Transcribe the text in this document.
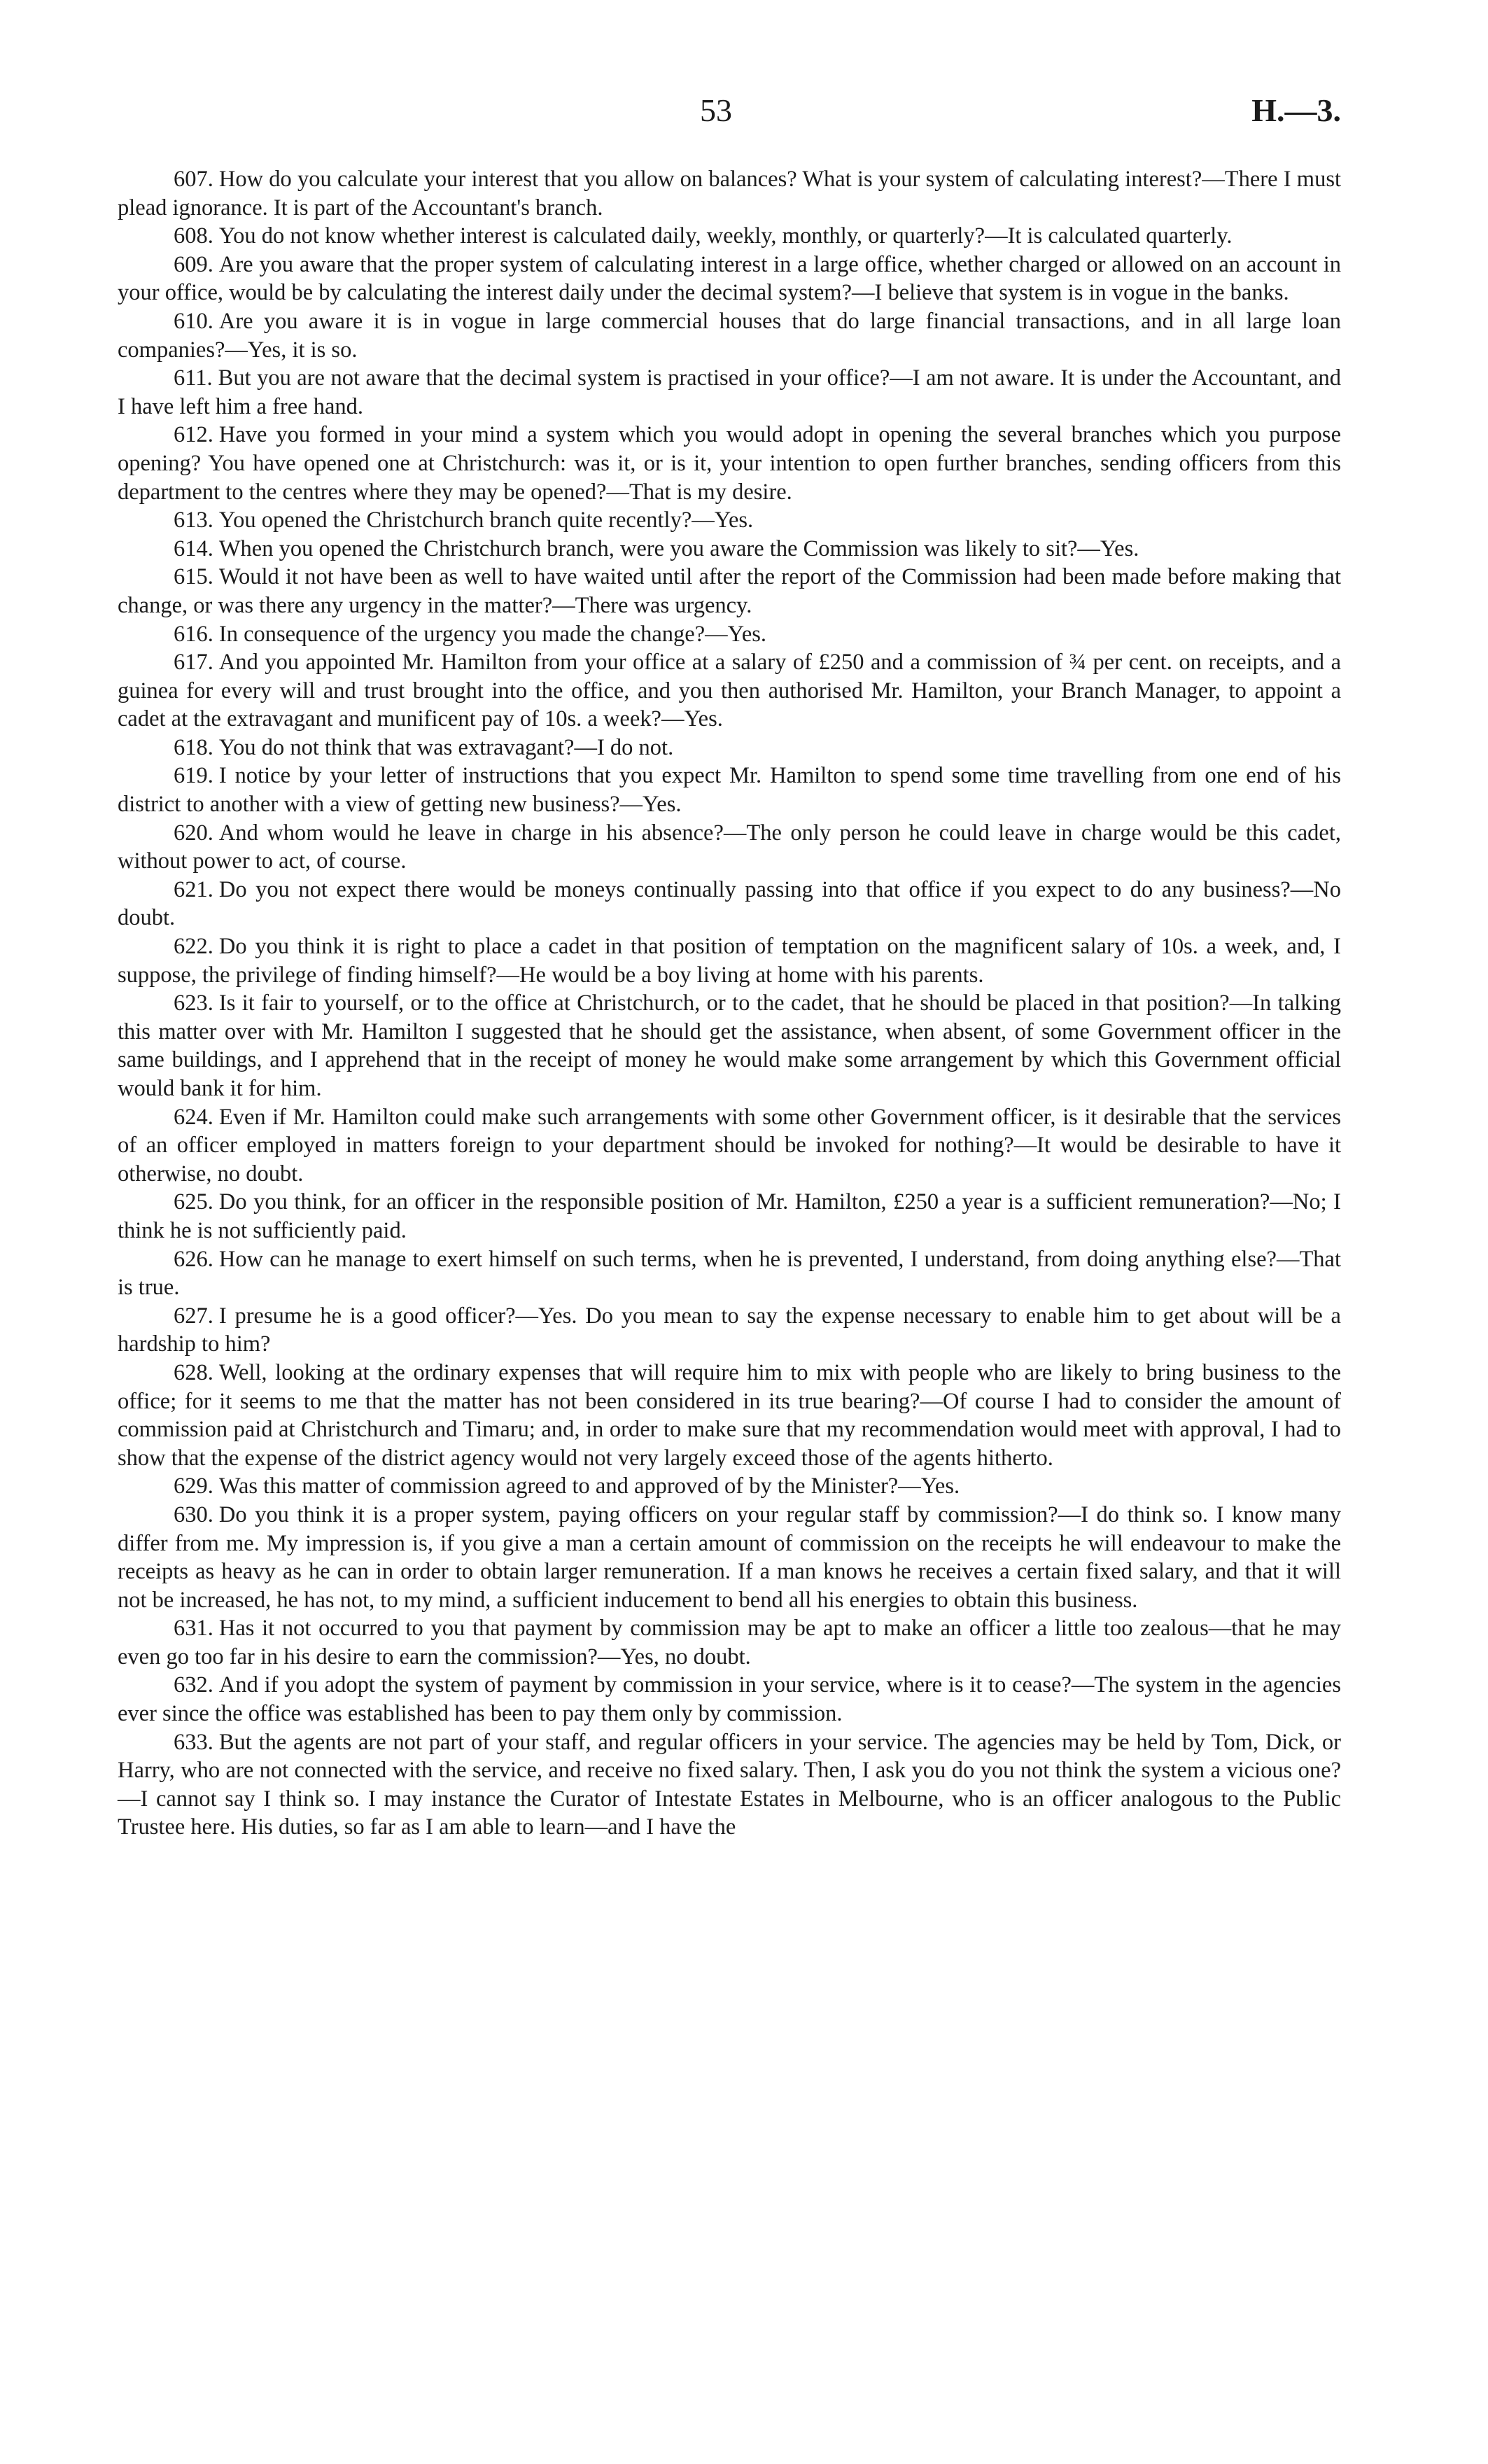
53	H.—3.

607. How do you calculate your interest that you allow on balances? What is your system of calculating interest?—There I must plead ignorance. It is part of the Accountant's branch.

608. You do not know whether interest is calculated daily, weekly, monthly, or quarterly?—It is calculated quarterly.

609. Are you aware that the proper system of calculating interest in a large office, whether charged or allowed on an account in your office, would be by calculating the interest daily under the decimal system?—I believe that system is in vogue in the banks.

610. Are you aware it is in vogue in large commercial houses that do large financial transactions, and in all large loan companies?—Yes, it is so.

611. But you are not aware that the decimal system is practised in your office?—I am not aware. It is under the Accountant, and I have left him a free hand.

612. Have you formed in your mind a system which you would adopt in opening the several branches which you purpose opening? You have opened one at Christchurch: was it, or is it, your intention to open further branches, sending officers from this department to the centres where they may be opened?—That is my desire.

613. You opened the Christchurch branch quite recently?—Yes.

614. When you opened the Christchurch branch, were you aware the Commission was likely to sit?—Yes.

615. Would it not have been as well to have waited until after the report of the Commission had been made before making that change, or was there any urgency in the matter?—There was urgency.

616. In consequence of the urgency you made the change?—Yes.

617. And you appointed Mr. Hamilton from your office at a salary of £250 and a commission of ¾ per cent. on receipts, and a guinea for every will and trust brought into the office, and you then authorised Mr. Hamilton, your Branch Manager, to appoint a cadet at the extravagant and munificent pay of 10s. a week?—Yes.

618. You do not think that was extravagant?—I do not.

619. I notice by your letter of instructions that you expect Mr. Hamilton to spend some time travelling from one end of his district to another with a view of getting new business?—Yes.

620. And whom would he leave in charge in his absence?—The only person he could leave in charge would be this cadet, without power to act, of course.

621. Do you not expect there would be moneys continually passing into that office if you expect to do any business?—No doubt.

622. Do you think it is right to place a cadet in that position of temptation on the magnificent salary of 10s. a week, and, I suppose, the privilege of finding himself?—He would be a boy living at home with his parents.

623. Is it fair to yourself, or to the office at Christchurch, or to the cadet, that he should be placed in that position?—In talking this matter over with Mr. Hamilton I suggested that he should get the assistance, when absent, of some Government officer in the same buildings, and I apprehend that in the receipt of money he would make some arrangement by which this Government official would bank it for him.

624. Even if Mr. Hamilton could make such arrangements with some other Government officer, is it desirable that the services of an officer employed in matters foreign to your department should be invoked for nothing?—It would be desirable to have it otherwise, no doubt.

625. Do you think, for an officer in the responsible position of Mr. Hamilton, £250 a year is a sufficient remuneration?—No; I think he is not sufficiently paid.

626. How can he manage to exert himself on such terms, when he is prevented, I understand, from doing anything else?—That is true.

627. I presume he is a good officer?—Yes. Do you mean to say the expense necessary to enable him to get about will be a hardship to him?

628. Well, looking at the ordinary expenses that will require him to mix with people who are likely to bring business to the office; for it seems to me that the matter has not been considered in its true bearing?—Of course I had to consider the amount of commission paid at Christchurch and Timaru; and, in order to make sure that my recommendation would meet with approval, I had to show that the expense of the district agency would not very largely exceed those of the agents hitherto.

629. Was this matter of commission agreed to and approved of by the Minister?—Yes.

630. Do you think it is a proper system, paying officers on your regular staff by commission?—I do think so. I know many differ from me. My impression is, if you give a man a certain amount of commission on the receipts he will endeavour to make the receipts as heavy as he can in order to obtain larger remuneration. If a man knows he receives a certain fixed salary, and that it will not be increased, he has not, to my mind, a sufficient inducement to bend all his energies to obtain this business.

631. Has it not occurred to you that payment by commission may be apt to make an officer a little too zealous—that he may even go too far in his desire to earn the commission?—Yes, no doubt.

632. And if you adopt the system of payment by commission in your service, where is it to cease?—The system in the agencies ever since the office was established has been to pay them only by commission.

633. But the agents are not part of your staff, and regular officers in your service. The agencies may be held by Tom, Dick, or Harry, who are not connected with the service, and receive no fixed salary. Then, I ask you do you not think the system a vicious one?—I cannot say I think so. I may instance the Curator of Intestate Estates in Melbourne, who is an officer analogous to the Public Trustee here. His duties, so far as I am able to learn—and I have the
